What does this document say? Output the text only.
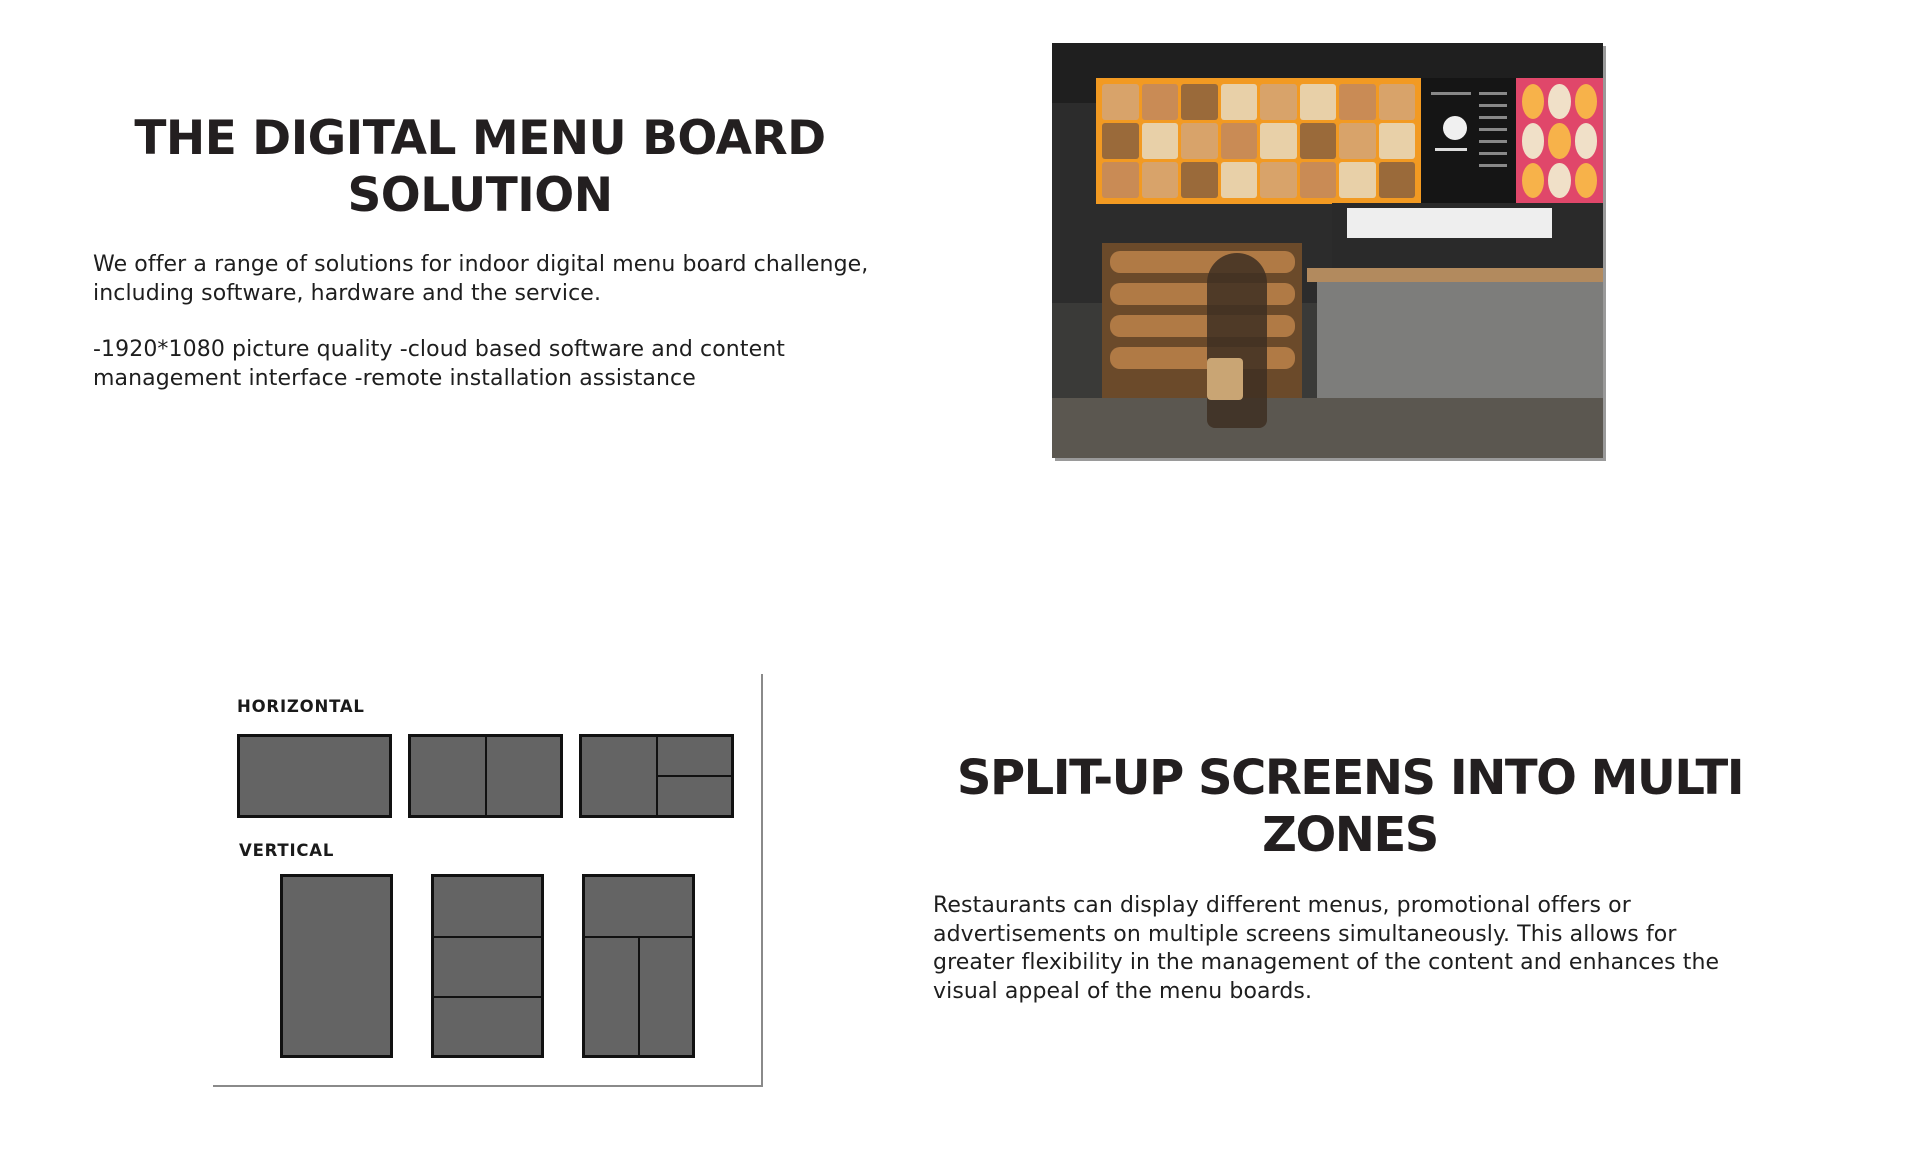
THE DIGITAL MENU BOARD SOLUTION

We offer a range of solutions for indoor digital menu board challenge, including software, hardware and the service.

-1920*1080 picture quality -cloud based software and content management interface -remote installation assistance

HORIZONTAL

VERTICAL

SPLIT-UP SCREENS INTO MULTI ZONES

Restaurants can display different menus, promotional offers or advertisements on multiple screens simultaneously. This allows for greater flexibility in the management of the content and enhances the visual appeal of the menu boards.
